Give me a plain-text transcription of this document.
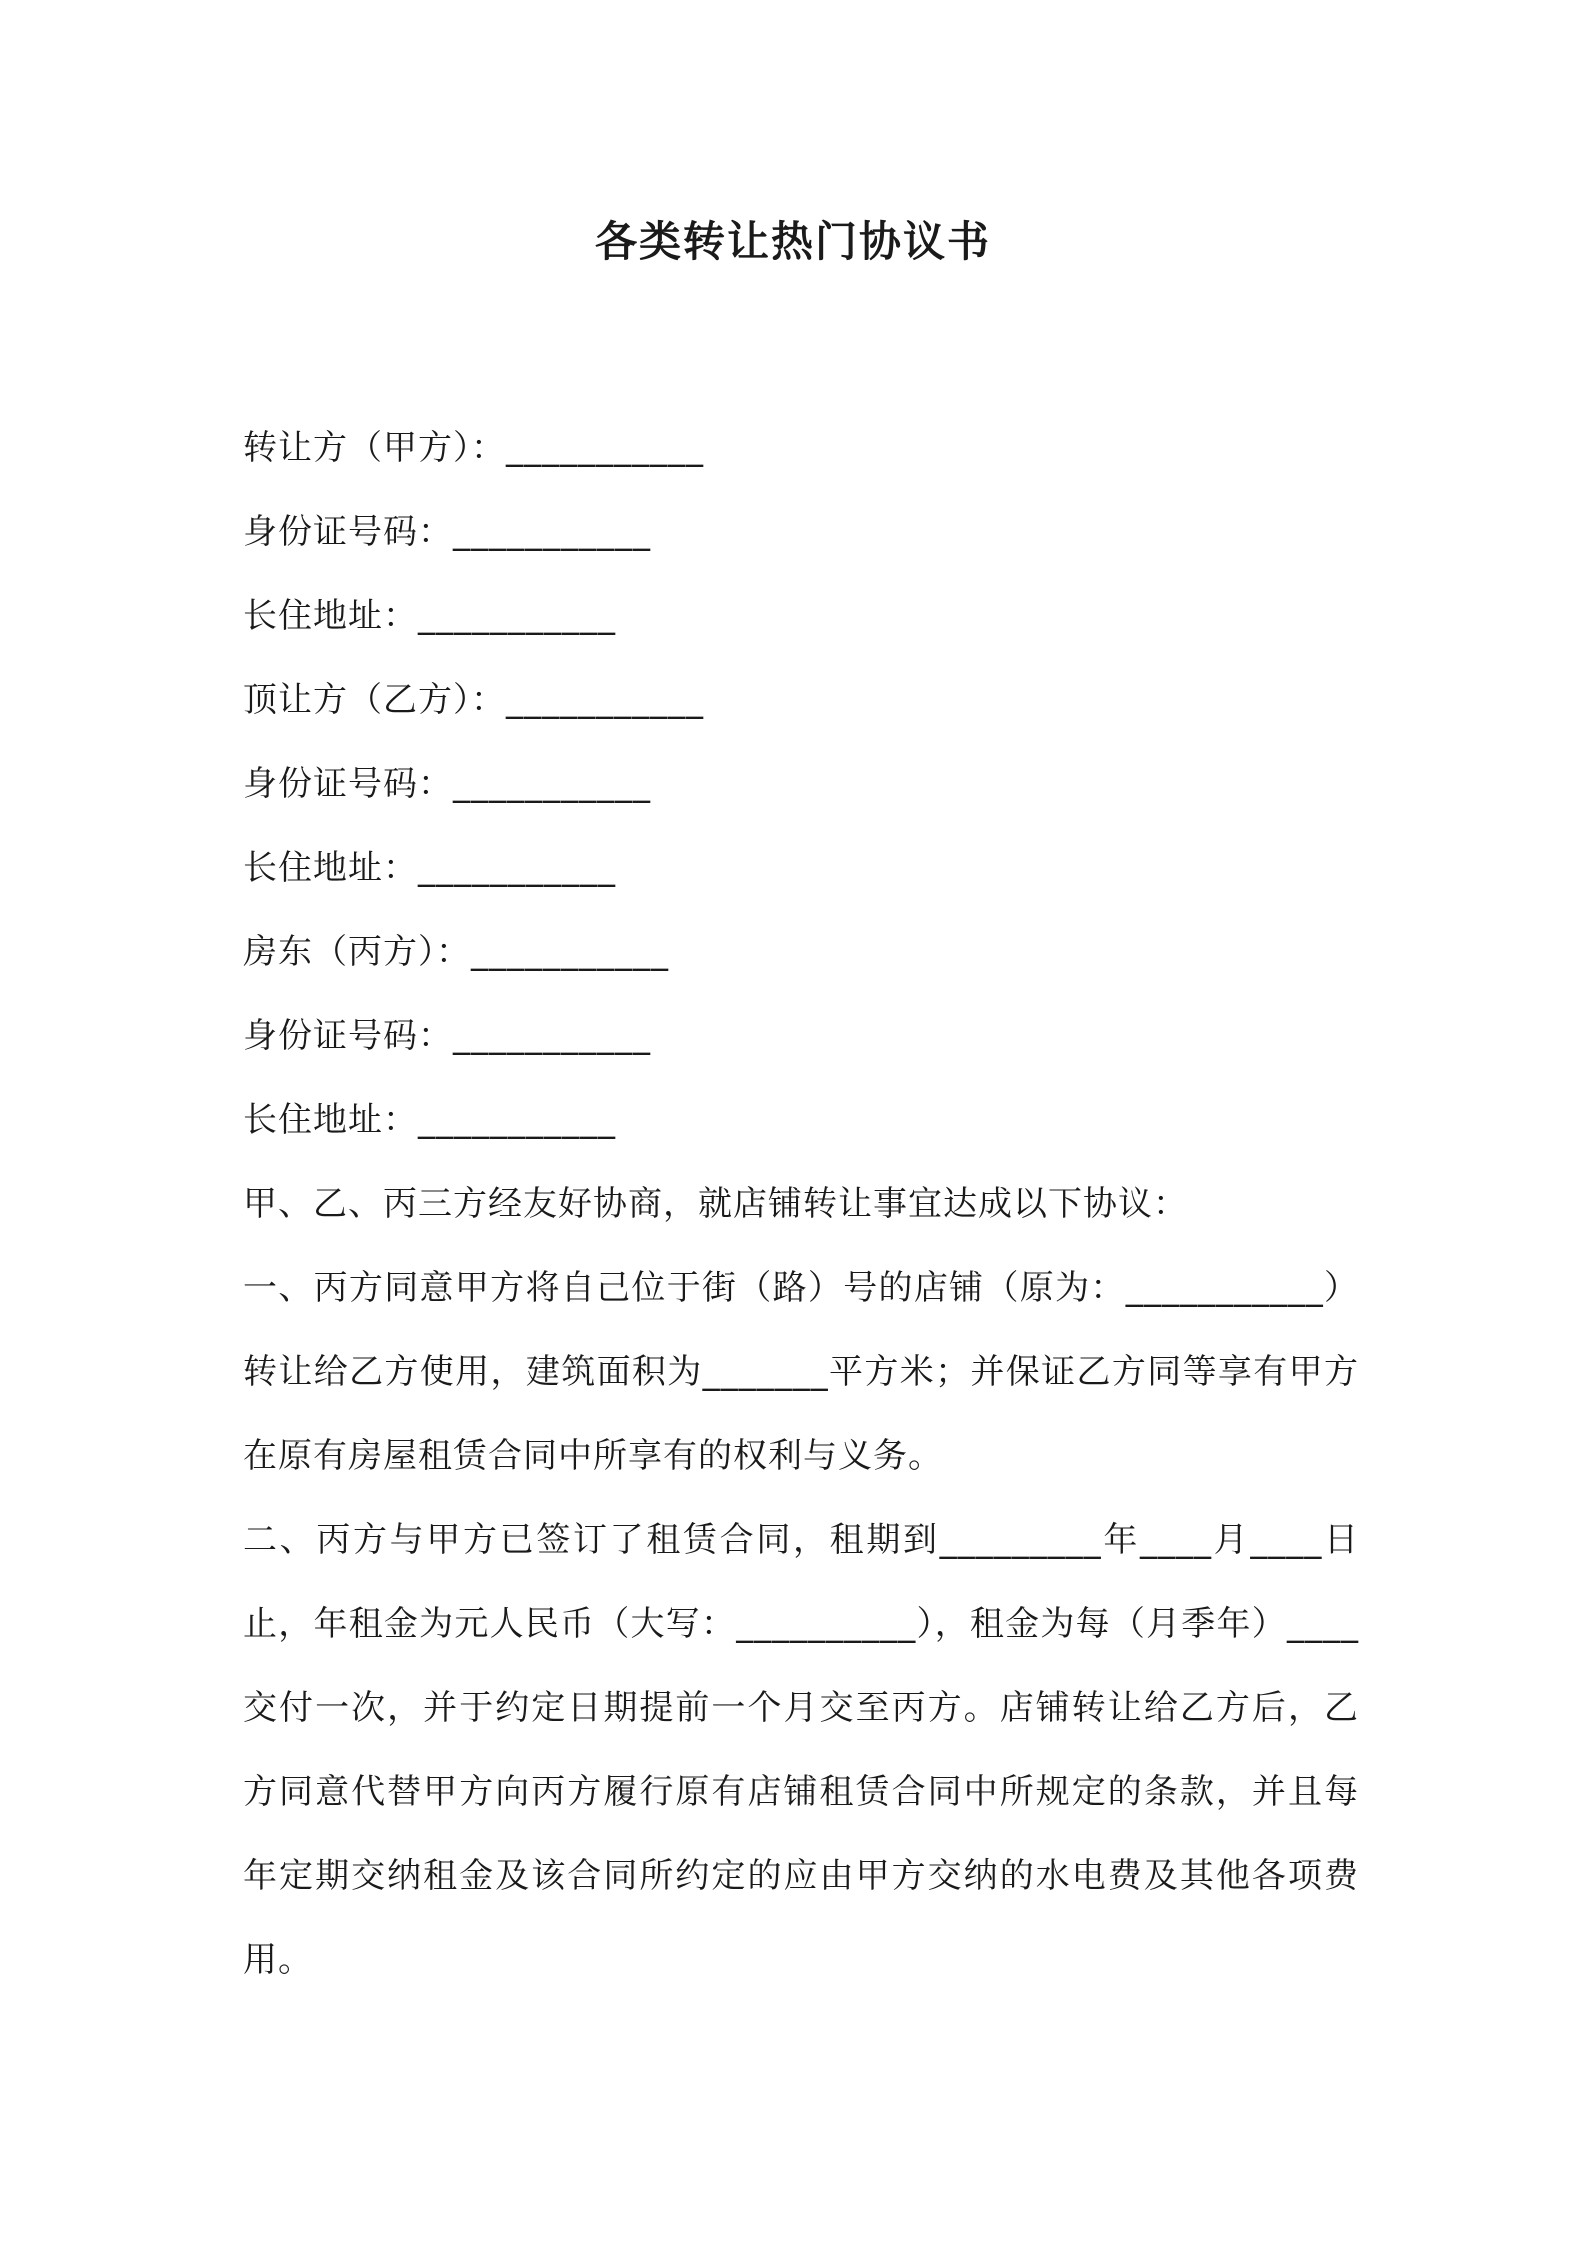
各类转让热门协议书
转让方（甲方）：___________
身份证号码：___________
长住地址：___________
顶让方（乙方）：___________
身份证号码：___________
长住地址：___________
房东（丙方）：___________
身份证号码：___________
长住地址：___________
甲、乙、丙三方经友好协商，就店铺转让事宜达成以下协议：
一、丙方同意甲方将自己位于街（路）号的店铺（原为：___________）转让给乙方使用，建筑面积为_______平方米；并保证乙方同等享有甲方在原有房屋租赁合同中所享有的权利与义务。
二、丙方与甲方已签订了租赁合同，租期到_________年____月____日止，年租金为元人民币（大写：__________），租金为每（月季年）____交付一次，并于约定日期提前一个月交至丙方。店铺转让给乙方后，乙方同意代替甲方向丙方履行原有店铺租赁合同中所规定的条款，并且每年定期交纳租金及该合同所约定的应由甲方交纳的水电费及其他各项费用。
